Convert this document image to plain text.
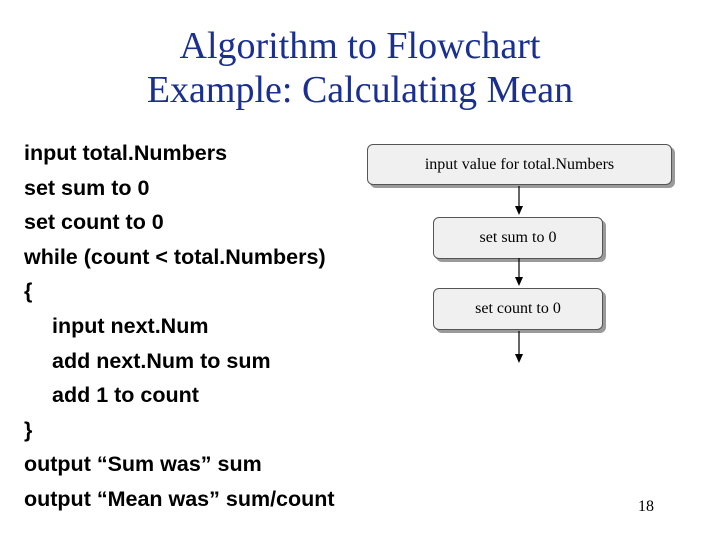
Algorithm to Flowchart
Example: Calculating Mean
input total.Numbers
set sum to 0
set count to 0
while (count < total.Numbers)
{
input next.Num
add next.Num to sum
add 1 to count
}
output “Sum was” sum
output “Mean was” sum/count
input value for total.Numbers
set sum to 0
set count to 0
18
